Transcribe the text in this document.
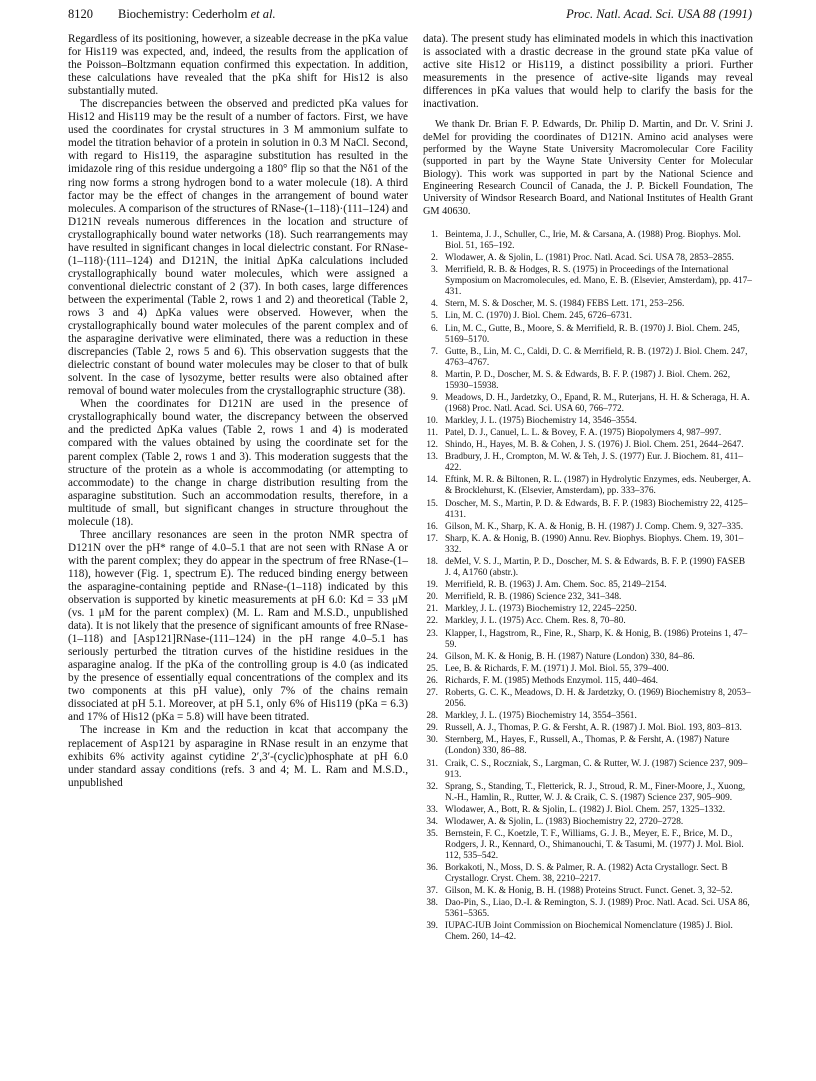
8120 Biochemistry: Cederholm et al.	Proc. Natl. Acad. Sci. USA 88 (1991)

Regardless of its positioning, however, a sizeable decrease in the pKa value for His119 was expected, and, indeed, the results from the application of the Poisson–Boltzmann equation confirmed this expectation. In addition, these calculations have revealed that the pKa shift for His12 is also substantially muted.

The discrepancies between the observed and predicted pKa values for His12 and His119 may be the result of a number of factors. First, we have used the coordinates for crystal structures in 3 M ammonium sulfate to model the titration behavior of a protein in solution in 0.3 M NaCl. Second, with regard to His119, the asparagine substitution has resulted in the imidazole ring of this residue undergoing a 180° flip so that the Nδ1 of the ring now forms a strong hydrogen bond to a water molecule (18). A third factor may be the effect of changes in the arrangement of bound water molecules. A comparison of the structures of RNase-(1–118)·(111–124) and D121N reveals numerous differences in the location and structure of crystallographically bound water networks (18). Such rearrangements may have resulted in significant changes in local dielectric constant. For RNase-(1–118)·(111–124) and D121N, the initial ΔpKa calculations included crystallographically bound water molecules, which were assigned a conventional dielectric constant of 2 (37). In both cases, large differences between the experimental (Table 2, rows 1 and 2) and theoretical (Table 2, rows 3 and 4) ΔpKa values were observed. However, when the crystallographically bound water molecules of the parent complex and of the asparagine derivative were eliminated, there was a reduction in these discrepancies (Table 2, rows 5 and 6). This observation suggests that the dielectric constant of bound water molecules may be closer to that of bulk solvent. In the case of lysozyme, better results were also obtained after removal of bound water molecules from the crystallographic structure (38).

When the coordinates for D121N are used in the presence of crystallographically bound water, the discrepancy between the observed and the predicted ΔpKa values (Table 2, rows 1 and 4) is moderated compared with the values obtained by using the coordinate set for the parent complex (Table 2, rows 1 and 3). This moderation suggests that the structure of the protein as a whole is accommodating (or attempting to accommodate) to the change in charge distribution resulting from the asparagine substitution. Such an accommodation results, therefore, in a multitude of small, but significant changes in structure throughout the molecule (18).

Three ancillary resonances are seen in the proton NMR spectra of D121N over the pH* range of 4.0–5.1 that are not seen with RNase A or with the parent complex; they do appear in the spectrum of free RNase-(1–118), however (Fig. 1, spectrum E). The reduced binding energy between the asparagine-containing peptide and RNase-(1–118) indicated by this observation is supported by kinetic measurements at pH 6.0: Kd = 33 μM (vs. 1 μM for the parent complex) (M. L. Ram and M.S.D., unpublished data). It is not likely that the presence of significant amounts of free RNase-(1–118) and [Asp121]RNase-(111–124) in the pH range 4.0–5.1 has seriously perturbed the titration curves of the histidine residues in the asparagine analog. If the pKa of the controlling group is 4.0 (as indicated by the presence of essentially equal concentrations of the complex and its two components at this pH value), only 7% of the chains remain dissociated at pH 5.1. Moreover, at pH 5.1, only 6% of His119 (pKa = 6.3) and 17% of His12 (pKa = 5.8) will have been titrated.

The increase in Km and the reduction in kcat that accompany the replacement of Asp121 by asparagine in RNase result in an enzyme that exhibits 6% activity against cytidine 2′,3′-(cyclic)phosphate at pH 6.0 under standard assay conditions (refs. 3 and 4; M. L. Ram and M.S.D., unpublished

data). The present study has eliminated models in which this inactivation is associated with a drastic decrease in the ground state pKa value of active site His12 or His119, a distinct possibility a priori. Further measurements in the presence of active-site ligands may reveal differences in pKa values that would help to clarify the basis for the inactivation.

We thank Dr. Brian F. P. Edwards, Dr. Philip D. Martin, and Dr. V. Srini J. deMel for providing the coordinates of D121N. Amino acid analyses were performed by the Wayne State University Macromolecular Core Facility (supported in part by the Wayne State University Center for Molecular Biology). This work was supported in part by the National Science and Engineering Research Council of Canada, the J. P. Bickell Foundation, The University of Windsor Research Board, and National Institutes of Health Grant GM 40630.

1. Beintema, J. J., Schuller, C., Irie, M. & Carsana, A. (1988) Prog. Biophys. Mol. Biol. 51, 165–192.
2. Wlodawer, A. & Sjolin, L. (1981) Proc. Natl. Acad. Sci. USA 78, 2853–2855.
3. Merrifield, R. B. & Hodges, R. S. (1975) in Proceedings of the International Symposium on Macromolecules, ed. Mano, E. B. (Elsevier, Amsterdam), pp. 417–431.
4. Stern, M. S. & Doscher, M. S. (1984) FEBS Lett. 171, 253–256.
5. Lin, M. C. (1970) J. Biol. Chem. 245, 6726–6731.
6. Lin, M. C., Gutte, B., Moore, S. & Merrifield, R. B. (1970) J. Biol. Chem. 245, 5169–5170.
7. Gutte, B., Lin, M. C., Caldi, D. C. & Merrifield, R. B. (1972) J. Biol. Chem. 247, 4763–4767.
8. Martin, P. D., Doscher, M. S. & Edwards, B. F. P. (1987) J. Biol. Chem. 262, 15930–15938.
9. Meadows, D. H., Jardetzky, O., Epand, R. M., Ruterjans, H. H. & Scheraga, H. A. (1968) Proc. Natl. Acad. Sci. USA 60, 766–772.
10. Markley, J. L. (1975) Biochemistry 14, 3546–3554.
11. Patel, D. J., Canuel, L. L. & Bovey, F. A. (1975) Biopolymers 4, 987–997.
12. Shindo, H., Hayes, M. B. & Cohen, J. S. (1976) J. Biol. Chem. 251, 2644–2647.
13. Bradbury, J. H., Crompton, M. W. & Teh, J. S. (1977) Eur. J. Biochem. 81, 411–422.
14. Eftink, M. R. & Biltonen, R. L. (1987) in Hydrolytic Enzymes, eds. Neuberger, A. & Brocklehurst, K. (Elsevier, Amsterdam), pp. 333–376.
15. Doscher, M. S., Martin, P. D. & Edwards, B. F. P. (1983) Biochemistry 22, 4125–4131.
16. Gilson, M. K., Sharp, K. A. & Honig, B. H. (1987) J. Comp. Chem. 9, 327–335.
17. Sharp, K. A. & Honig, B. (1990) Annu. Rev. Biophys. Biophys. Chem. 19, 301–332.
18. deMel, V. S. J., Martin, P. D., Doscher, M. S. & Edwards, B. F. P. (1990) FASEB J. 4, A1760 (abstr.).
19. Merrifield, R. B. (1963) J. Am. Chem. Soc. 85, 2149–2154.
20. Merrifield, R. B. (1986) Science 232, 341–348.
21. Markley, J. L. (1973) Biochemistry 12, 2245–2250.
22. Markley, J. L. (1975) Acc. Chem. Res. 8, 70–80.
23. Klapper, I., Hagstrom, R., Fine, R., Sharp, K. & Honig, B. (1986) Proteins 1, 47–59.
24. Gilson, M. K. & Honig, B. H. (1987) Nature (London) 330, 84–86.
25. Lee, B. & Richards, F. M. (1971) J. Mol. Biol. 55, 379–400.
26. Richards, F. M. (1985) Methods Enzymol. 115, 440–464.
27. Roberts, G. C. K., Meadows, D. H. & Jardetzky, O. (1969) Biochemistry 8, 2053–2056.
28. Markley, J. L. (1975) Biochemistry 14, 3554–3561.
29. Russell, A. J., Thomas, P. G. & Fersht, A. R. (1987) J. Mol. Biol. 193, 803–813.
30. Sternberg, M., Hayes, F., Russell, A., Thomas, P. & Fersht, A. (1987) Nature (London) 330, 86–88.
31. Craik, C. S., Roczniak, S., Largman, C. & Rutter, W. J. (1987) Science 237, 909–913.
32. Sprang, S., Standing, T., Fletterick, R. J., Stroud, R. M., Finer-Moore, J., Xuong, N.-H., Hamlin, R., Rutter, W. J. & Craik, C. S. (1987) Science 237, 905–909.
33. Wlodawer, A., Bott, R. & Sjolin, L. (1982) J. Biol. Chem. 257, 1325–1332.
34. Wlodawer, A. & Sjolin, L. (1983) Biochemistry 22, 2720–2728.
35. Bernstein, F. C., Koetzle, T. F., Williams, G. J. B., Meyer, E. F., Brice, M. D., Rodgers, J. R., Kennard, O., Shimanouchi, T. & Tasumi, M. (1977) J. Mol. Biol. 112, 535–542.
36. Borkakoti, N., Moss, D. S. & Palmer, R. A. (1982) Acta Crystallogr. Sect. B Crystallogr. Cryst. Chem. 38, 2210–2217.
37. Gilson, M. K. & Honig, B. H. (1988) Proteins Struct. Funct. Genet. 3, 32–52.
38. Dao-Pin, S., Liao, D.-I. & Remington, S. J. (1989) Proc. Natl. Acad. Sci. USA 86, 5361–5365.
39. IUPAC-IUB Joint Commission on Biochemical Nomenclature (1985) J. Biol. Chem. 260, 14–42.
